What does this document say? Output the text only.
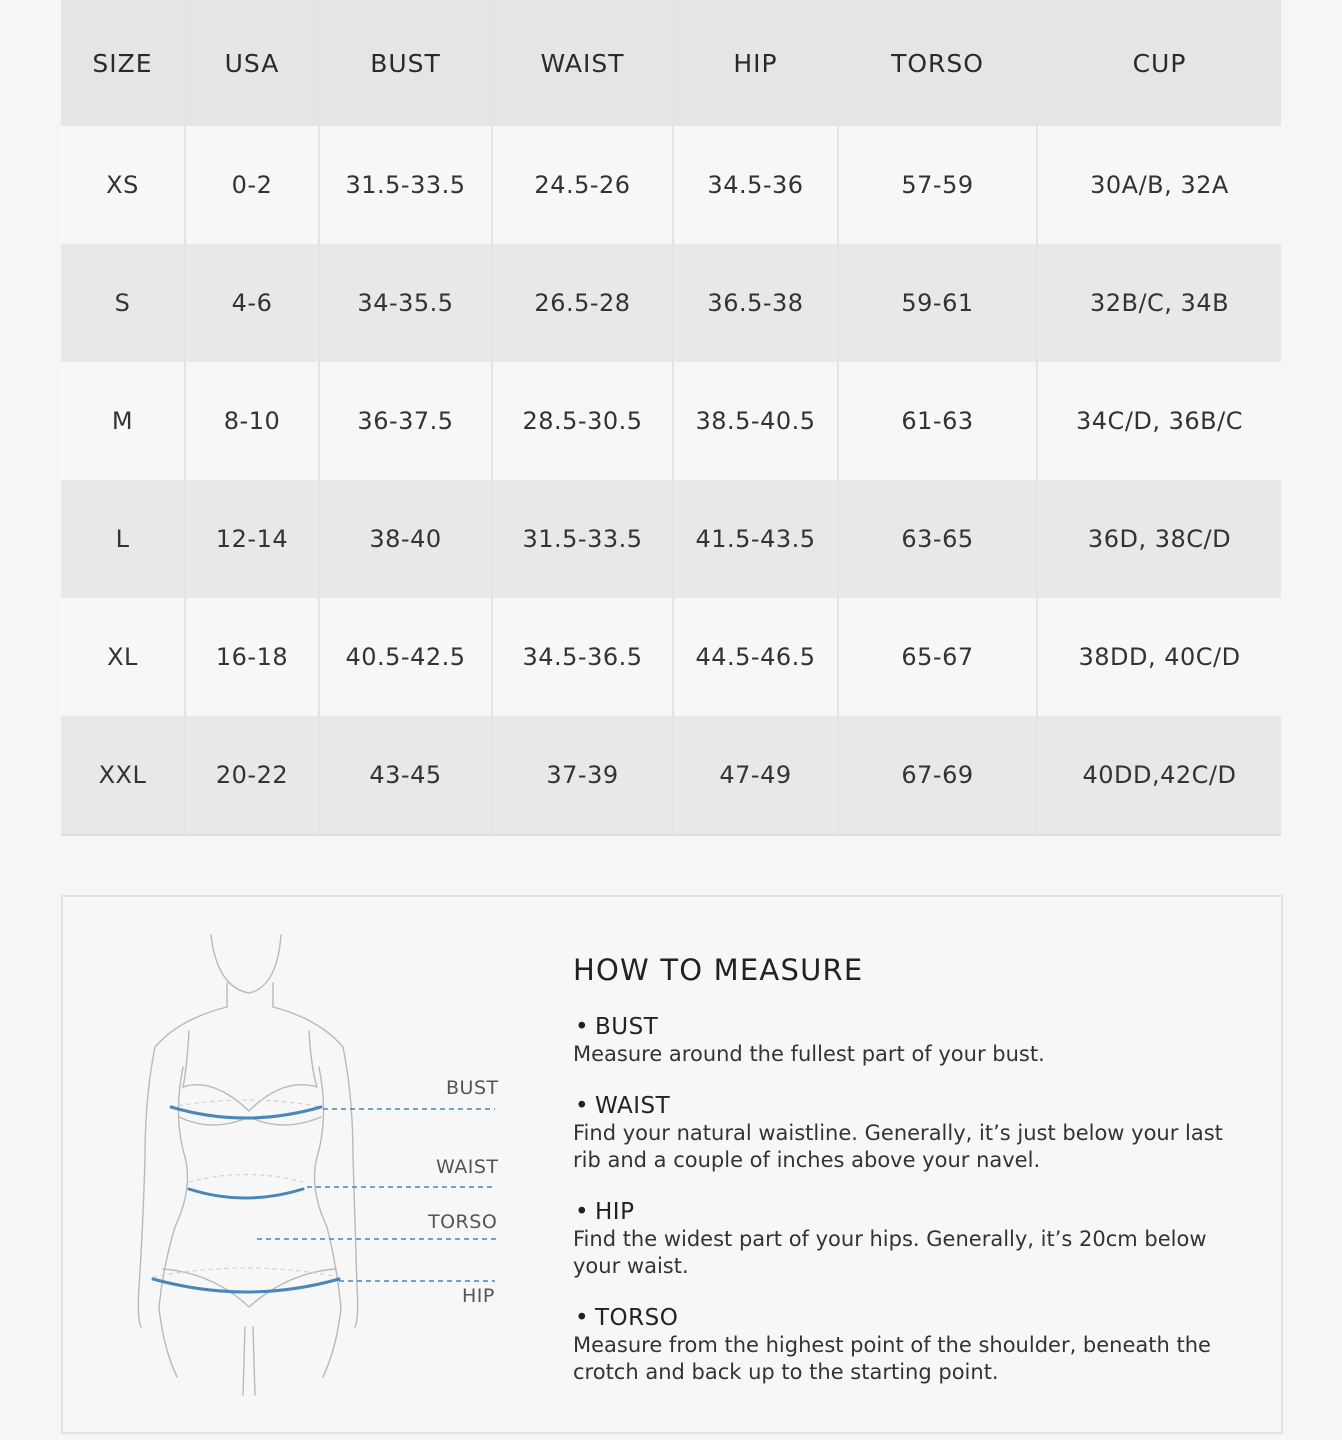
SIZE	USA	BUST	WAIST	HIP	TORSO	CUP
XS	0-2	31.5-33.5	24.5-26	34.5-36	57-59	30A/B, 32A
S	4-6	34-35.5	26.5-28	36.5-38	59-61	32B/C, 34B
M	8-10	36-37.5	28.5-30.5	38.5-40.5	61-63	34C/D, 36B/C
L	12-14	38-40	31.5-33.5	41.5-43.5	63-65	36D, 38C/D
XL	16-18	40.5-42.5	34.5-36.5	44.5-46.5	65-67	38DD, 40C/D
XXL	20-22	43-45	37-39	47-49	67-69	40DD,42C/D
BUST
WAIST
TORSO
HIP
HOW TO MEASURE
• BUST
Measure around the fullest part of your bust.
• WAIST
Find your natural waistline. Generally, it’s just below your last rib and a couple of inches above your navel.
• HIP
Find the widest part of your hips. Generally, it’s 20cm below your waist.
• TORSO
Measure from the highest point of the shoulder, beneath the crotch and back up to the starting point.
